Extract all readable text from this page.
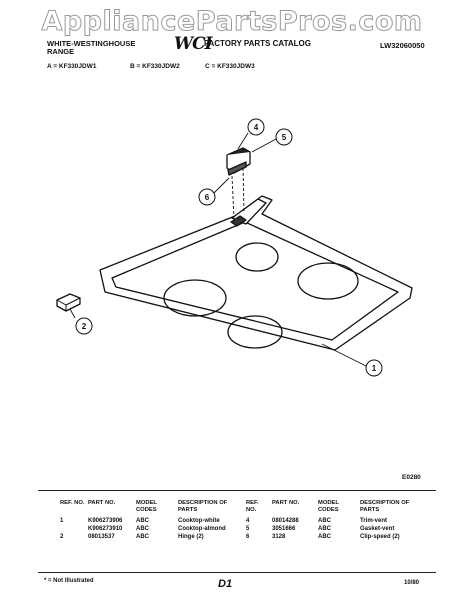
AppliancePartsPros.com
WHITE-WESTINGHOUSE
RANGE	WCI
FACTORY PARTS CATALOG	LW32060050
A = KF330JDW1	B = KF330JDW2	C = KF330JDW3
4
5
6
2
1
E0280
REF. NO.	PART NO.	MODEL CODES	DESCRIPTION OF PARTS
1	K906273906	ABC	Cooktop-white
	K906273910	ABC	Cooktop-almond
2	08013537	ABC	Hinge (2)
REF. NO.	PART NO.	MODEL CODES	DESCRIPTION OF PARTS
4	08014288	ABC	Trim-vent
5	3051666	ABC	Gasket-vent
6	3128	ABC	Clip-speed (2)
* = Not Illustrated	D1	10/80
